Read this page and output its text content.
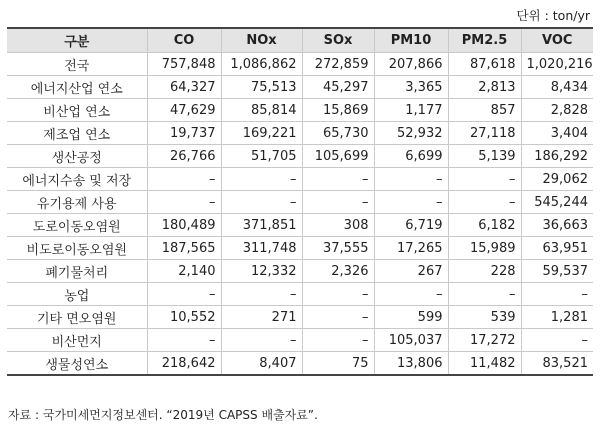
단위 : ton/yr
구분	CO	NOx	SOx	PM10	PM2.5	VOC
전국	757,848	1,086,862	272,859	207,866	87,618	1,020,216
에너지산업 연소	64,327	75,513	45,297	3,365	2,813	8,434
비산업 연소	47,629	85,814	15,869	1,177	857	2,828
제조업 연소	19,737	169,221	65,730	52,932	27,118	3,404
생산공정	26,766	51,705	105,699	6,699	5,139	186,292
에너지수송 및 저장	–	–	–	–	–	29,062
유기용제 사용	–	–	–	–	–	545,244
도로이동오염원	180,489	371,851	308	6,719	6,182	36,663
비도로이동오염원	187,565	311,748	37,555	17,265	15,989	63,951
폐기물처리	2,140	12,332	2,326	267	228	59,537
농업	–	–	–	–	–	–
기타 면오염원	10,552	271	–	599	539	1,281
비산먼지	–	–	–	105,037	17,272	–
생물성연소	218,642	8,407	75	13,806	11,482	83,521
자료 : 국가미세먼지정보센터. “2019년 CAPSS 배출자료”.
